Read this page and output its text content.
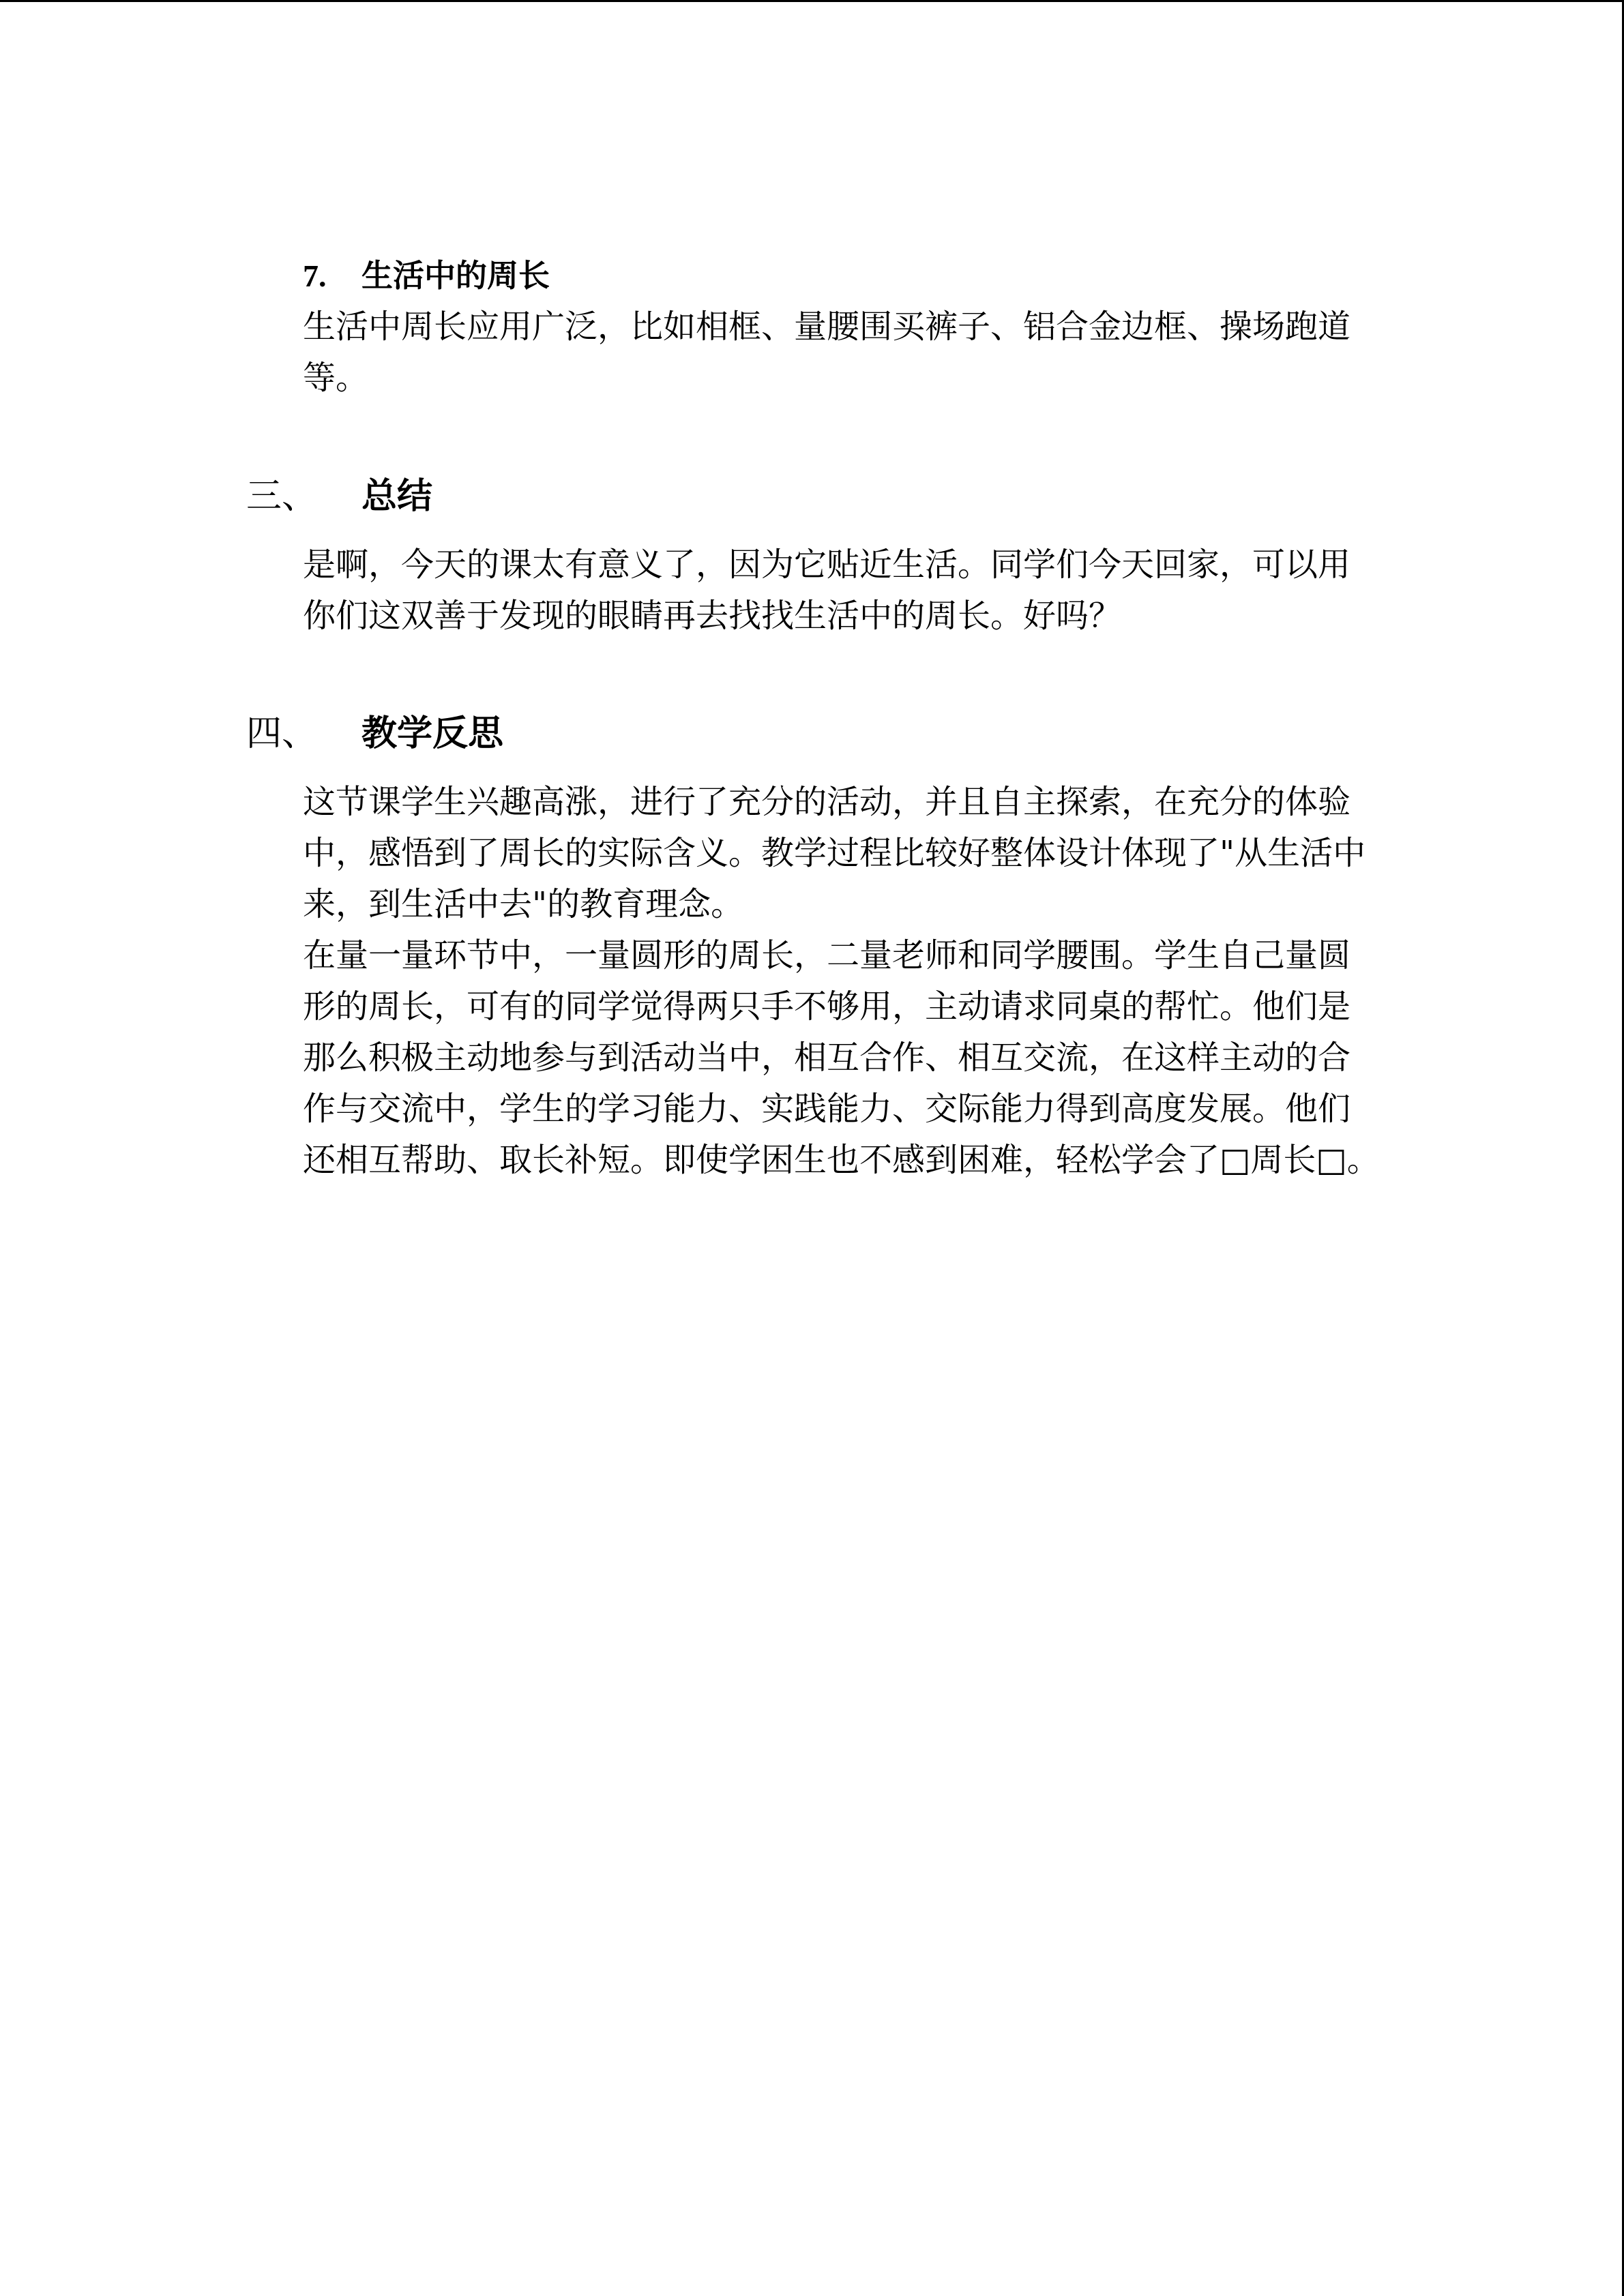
7. 生活中的周长
生活中周长应用广泛，比如相框、量腰围买裤子、铝合金边框、操场跑道
等。
三、 总结
是啊，今天的课太有意义了，因为它贴近生活。同学们今天回家，可以用
你们这双善于发现的眼睛再去找找生活中的周长。好吗？
四、 教学反思
这节课学生兴趣高涨，进行了充分的活动，并且自主探索，在充分的体验
中，感悟到了周长的实际含义。教学过程比较好整体设计体现了"从生活中
来，到生活中去"的教育理念。
在量一量环节中，一量圆形的周长，二量老师和同学腰围。学生自己量圆
形的周长，可有的同学觉得两只手不够用，主动请求同桌的帮忙。他们是
那么积极主动地参与到活动当中，相互合作、相互交流，在这样主动的合
作与交流中，学生的学习能力、实践能力、交际能力得到高度发展。他们
还相互帮助、取长补短。即使学困生也不感到困难，轻松学会了□周长□。
